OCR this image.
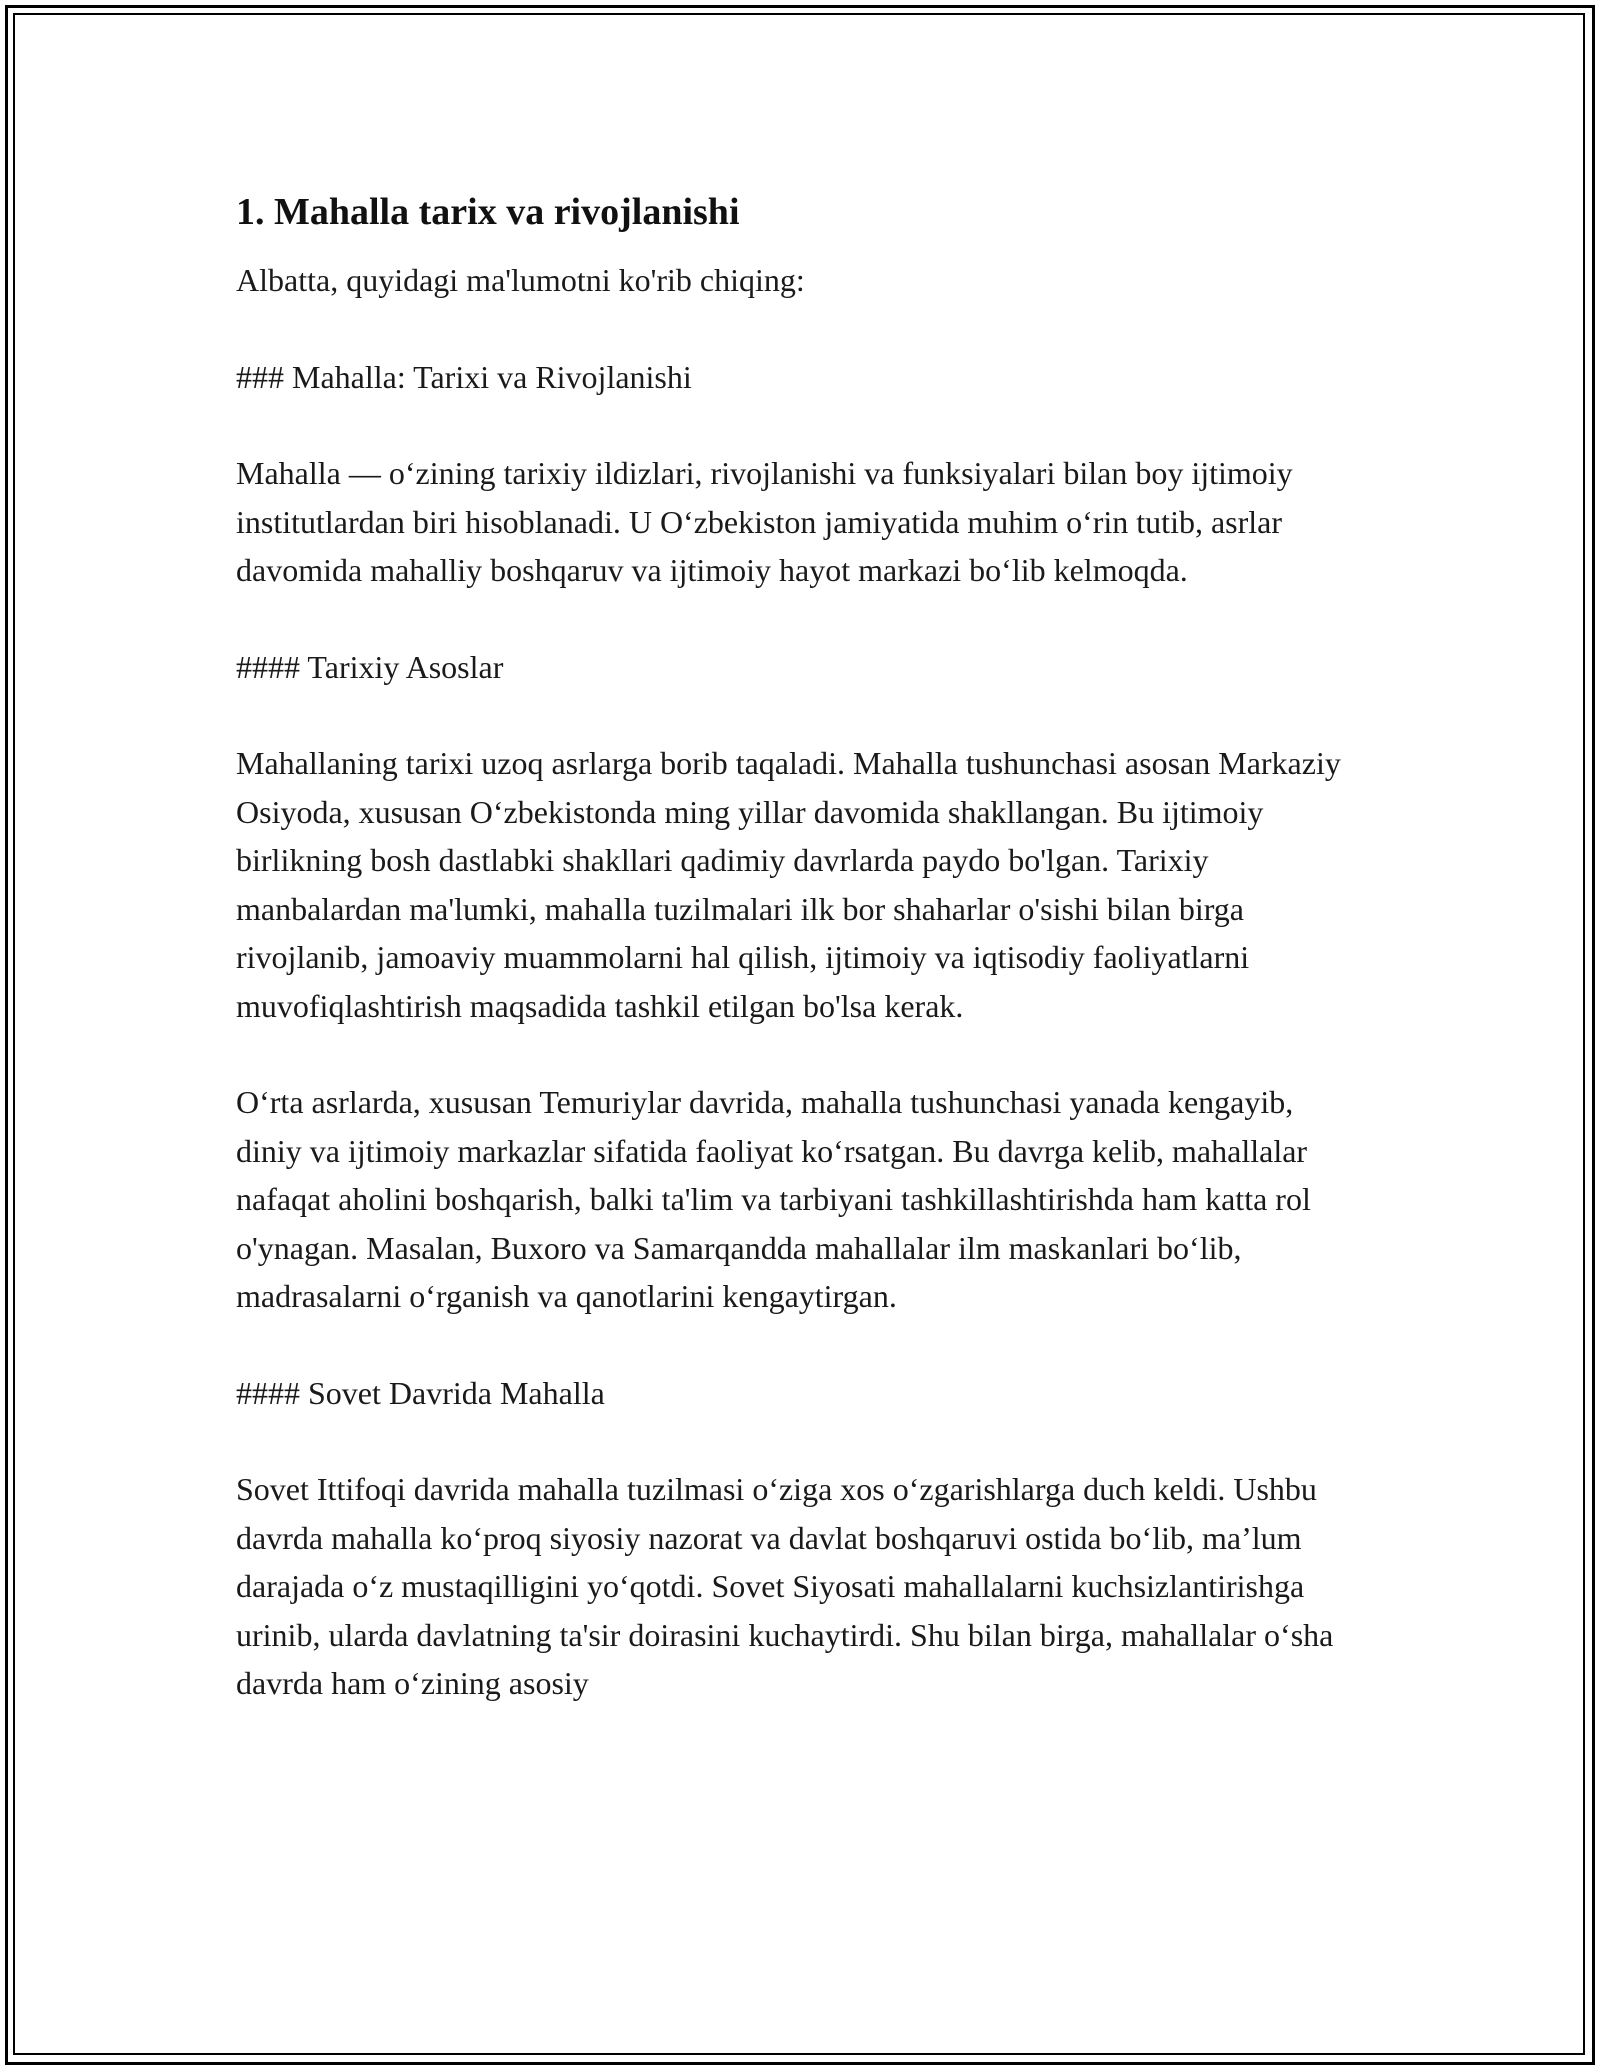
1. Mahalla tarix va rivojlanishi

Albatta, quyidagi ma'lumotni ko'rib chiqing:

### Mahalla: Tarixi va Rivojlanishi

Mahalla — oʻzining tarixiy ildizlari, rivojlanishi va funksiyalari bilan boy ijtimoiy institutlardan biri hisoblanadi. U Oʻzbekiston jamiyatida muhim oʻrin tutib, asrlar davomida mahalliy boshqaruv va ijtimoiy hayot markazi boʻlib kelmoqda.

#### Tarixiy Asoslar

Mahallaning tarixi uzoq asrlarga borib taqaladi. Mahalla tushunchasi asosan Markaziy Osiyoda, xususan Oʻzbekistonda ming yillar davomida shakllangan. Bu ijtimoiy birlikning bosh dastlabki shakllari qadimiy davrlarda paydo bo'lgan. Tarixiy manbalardan ma'lumki, mahalla tuzilmalari ilk bor shaharlar o'sishi bilan birga rivojlanib, jamoaviy muammolarni hal qilish, ijtimoiy va iqtisodiy faoliyatlarni muvofiqlashtirish maqsadida tashkil etilgan bo'lsa kerak.

Oʻrta asrlarda, xususan Temuriylar davrida, mahalla tushunchasi yanada kengayib, diniy va ijtimoiy markazlar sifatida faoliyat koʻrsatgan. Bu davrga kelib, mahallalar nafaqat aholini boshqarish, balki ta'lim va tarbiyani tashkillashtirishda ham katta rol o'ynagan. Masalan, Buxoro va Samarqandda mahallalar ilm maskanlari boʻlib, madrasalarni oʻrganish va qanotlarini kengaytirgan.

#### Sovet Davrida Mahalla

Sovet Ittifoqi davrida mahalla tuzilmasi oʻziga xos oʻzgarishlarga duch keldi. Ushbu davrda mahalla koʻproq siyosiy nazorat va davlat boshqaruvi ostida boʻlib, maʼlum darajada oʻz mustaqilligini yoʻqotdi. Sovet Siyosati mahallalarni kuchsizlantirishga urinib, ularda davlatning ta'sir doirasini kuchaytirdi. Shu bilan birga, mahallalar oʻsha davrda ham oʻzining asosiy
